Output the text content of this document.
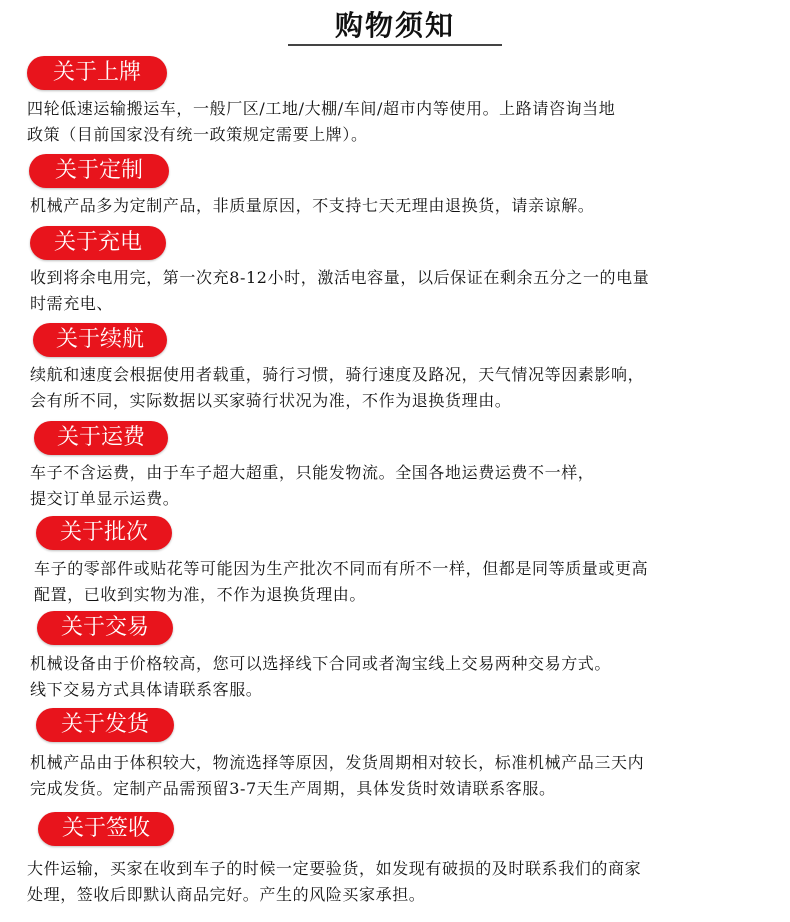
购物须知
关于上牌
四轮低速运输搬运车，一般厂区/工地/大棚/车间/超市内等使用。上路请咨询当地
政策（目前国家没有统一政策规定需要上牌）。
关于定制
机械产品多为定制产品，非质量原因，不支持七天无理由退换货，请亲谅解。
关于充电
收到将余电用完，第一次充8-12小时，激活电容量，以后保证在剩余五分之一的电量
时需充电、
关于续航
续航和速度会根据使用者载重，骑行习惯，骑行速度及路况，天气情况等因素影响，
会有所不同，实际数据以买家骑行状况为准，不作为退换货理由。
关于运费
车子不含运费，由于车子超大超重，只能发物流。全国各地运费运费不一样，
提交订单显示运费。
关于批次
车子的零部件或贴花等可能因为生产批次不同而有所不一样，但都是同等质量或更高
配置，已收到实物为准，不作为退换货理由。
关于交易
机械设备由于价格较高，您可以选择线下合同或者淘宝线上交易两种交易方式。
线下交易方式具体请联系客服。
关于发货
机械产品由于体积较大，物流选择等原因，发货周期相对较长，标准机械产品三天内
完成发货。定制产品需预留3-7天生产周期，具体发货时效请联系客服。
关于签收
大件运输，买家在收到车子的时候一定要验货，如发现有破损的及时联系我们的商家
处理，签收后即默认商品完好。产生的风险买家承担。
